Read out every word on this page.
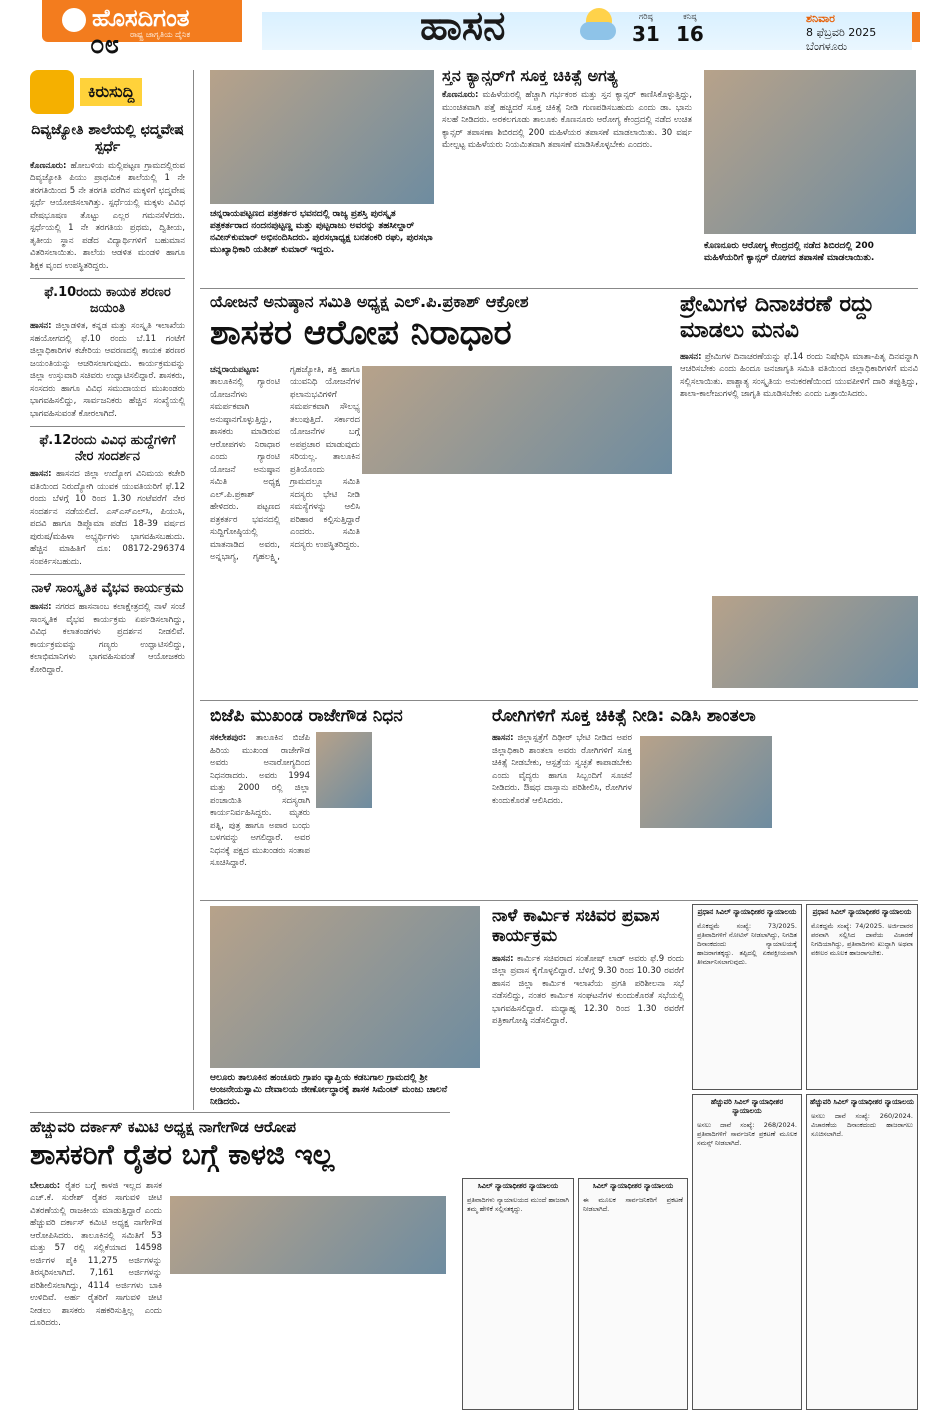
ಹೊಸದಿಗಂತ
ರಾಷ್ಟ್ರ ಜಾಗೃತಿಯ ದೈನಿಕ
೦೮	ಹಾಸನ	ಗರಿಷ್ಠ
31
ಕನಿಷ್ಠ
16
ಶನಿವಾರ
8 ಫೆಬ್ರವರಿ 2025
ಬೆಂಗಳೂರು
ಕಿರುಸುದ್ದಿ
ದಿವ್ಯಜ್ಯೋತಿ ಶಾಲೆಯಲ್ಲಿ ಛದ್ಮವೇಷ ಸ್ಪರ್ಧೆ
ಕೊಣನೂರು: ಹೋಬಳಿಯ ಮಲ್ಲಿಪಟ್ಟಣ ಗ್ರಾಮದಲ್ಲಿರುವ ದಿವ್ಯಜ್ಯೋತಿ ಪಿಯು ಪ್ರಾಥಮಿಕ ಶಾಲೆಯಲ್ಲಿ 1 ನೇ ತರಗತಿಯಿಂದ 5 ನೇ ತರಗತಿ ವರೆಗಿನ ಮಕ್ಕಳಿಗೆ ಛದ್ಮವೇಷ ಸ್ಪರ್ಧೆ ಆಯೋಜಿಸಲಾಗಿತ್ತು. ಸ್ಪರ್ಧೆಯಲ್ಲಿ ಮಕ್ಕಳು ವಿವಿಧ ವೇಷಭೂಷಣ ತೊಟ್ಟು ಎಲ್ಲರ ಗಮನಸೆಳೆದರು. ಸ್ಪರ್ಧೆಯಲ್ಲಿ 1 ನೇ ತರಗತಿಯ ಪ್ರಥಮ, ದ್ವಿತೀಯ, ತೃತೀಯ ಸ್ಥಾನ ಪಡೆದ ವಿದ್ಯಾರ್ಥಿಗಳಿಗೆ ಬಹುಮಾನ ವಿತರಿಸಲಾಯಿತು. ಶಾಲೆಯ ಆಡಳಿತ ಮಂಡಳಿ ಹಾಗೂ ಶಿಕ್ಷಕ ವೃಂದ ಉಪಸ್ಥಿತರಿದ್ದರು.
ಫೆ.10ರಂದು ಕಾಯಕ ಶರಣರ ಜಯಂತಿ
ಹಾಸನ: ಜಿಲ್ಲಾಡಳಿತ, ಕನ್ನಡ ಮತ್ತು ಸಂಸ್ಕೃತಿ ಇಲಾಖೆಯ ಸಹಯೋಗದಲ್ಲಿ ಫೆ.10 ರಂದು ಬೆ.11 ಗಂಟೆಗೆ ಜಿಲ್ಲಾಧಿಕಾರಿಗಳ ಕಚೇರಿಯ ಆವರಣದಲ್ಲಿ ಕಾಯಕ ಶರಣರ ಜಯಂತಿಯನ್ನು ಆಚರಿಸಲಾಗುವುದು. ಕಾರ್ಯಕ್ರಮವನ್ನು ಜಿಲ್ಲಾ ಉಸ್ತುವಾರಿ ಸಚಿವರು ಉದ್ಘಾಟಿಸಲಿದ್ದಾರೆ. ಶಾಸಕರು, ಸಂಸದರು ಹಾಗೂ ವಿವಿಧ ಸಮುದಾಯದ ಮುಖಂಡರು ಭಾಗವಹಿಸಲಿದ್ದು, ಸಾರ್ವಜನಿಕರು ಹೆಚ್ಚಿನ ಸಂಖ್ಯೆಯಲ್ಲಿ ಭಾಗವಹಿಸುವಂತೆ ಕೋರಲಾಗಿದೆ.
ಫೆ.12ರಂದು ವಿವಿಧ ಹುದ್ದೆಗಳಿಗೆ ನೇರ ಸಂದರ್ಶನ
ಹಾಸನ: ಹಾಸನದ ಜಿಲ್ಲಾ ಉದ್ಯೋಗ ವಿನಿಮಯ ಕಚೇರಿ ವತಿಯಿಂದ ನಿರುದ್ಯೋಗಿ ಯುವಕ ಯುವತಿಯರಿಗೆ ಫೆ.12 ರಂದು ಬೆಳಗ್ಗೆ 10 ರಿಂದ 1.30 ಗಂಟೆವರೆಗೆ ನೇರ ಸಂದರ್ಶನ ನಡೆಯಲಿದೆ. ಎಸ್‌ಎಸ್‌ಎಲ್‌ಸಿ, ಪಿಯುಸಿ, ಪದವಿ ಹಾಗೂ ಡಿಪ್ಲೊಮಾ ಪಡೆದ 18-39 ವರ್ಷದ ಪುರುಷ/ಮಹಿಳಾ ಅಭ್ಯರ್ಥಿಗಳು ಭಾಗವಹಿಸಬಹುದು. ಹೆಚ್ಚಿನ ಮಾಹಿತಿಗೆ ದೂ: 08172-296374 ಸಂಪರ್ಕಿಸಬಹುದು.
ನಾಳೆ ಸಾಂಸ್ಕೃತಿಕ ವೈಭವ ಕಾರ್ಯಕ್ರಮ
ಹಾಸನ: ನಗರದ ಹಾಸನಾಂಬ ಕಲಾಕ್ಷೇತ್ರದಲ್ಲಿ ನಾಳೆ ಸಂಜೆ ಸಾಂಸ್ಕೃತಿಕ ವೈಭವ ಕಾರ್ಯಕ್ರಮ ಏರ್ಪಡಿಸಲಾಗಿದ್ದು, ವಿವಿಧ ಕಲಾತಂಡಗಳು ಪ್ರದರ್ಶನ ನೀಡಲಿವೆ. ಕಾರ್ಯಕ್ರಮವನ್ನು ಗಣ್ಯರು ಉದ್ಘಾಟಿಸಲಿದ್ದು, ಕಲಾಭಿಮಾನಿಗಳು ಭಾಗವಹಿಸುವಂತೆ ಆಯೋಜಕರು ಕೋರಿದ್ದಾರೆ.
ಚನ್ನರಾಯಪಟ್ಟಣದ ಪತ್ರಕರ್ತರ ಭವನದಲ್ಲಿ ರಾಜ್ಯ ಪ್ರಶಸ್ತಿ ಪುರಸ್ಕೃತ ಪತ್ರಕರ್ತರಾದ ನಂದನಪುಟ್ಟಣ್ಣ ಮತ್ತು ಪುಟ್ಟರಾಜು ಅವರನ್ನು ತಹಸೀಲ್ದಾರ್ ನವೀನ್‌ಕುಮಾರ್ ಅಭಿನಂದಿಸಿದರು. ಪುರಸಭಾಧ್ಯಕ್ಷ ಬನಶಂಕರಿ ರಘು, ಪುರಸಭಾ ಮುಖ್ಯಾಧಿಕಾರಿ ಯತೀಶ್ ಕುಮಾರ್ ಇದ್ದರು.
ಸ್ತನ ಕ್ಯಾನ್ಸರ್‌ಗೆ ಸೂಕ್ತ ಚಿಕಿತ್ಸೆ ಅಗತ್ಯ
ಕೊಣನೂರು: ಮಹಿಳೆಯರಲ್ಲಿ ಹೆಚ್ಚಾಗಿ ಗರ್ಭಕಂಠ ಮತ್ತು ಸ್ತನ ಕ್ಯಾನ್ಸರ್ ಕಾಣಿಸಿಕೊಳ್ಳುತ್ತಿದ್ದು, ಮುಂಚಿತವಾಗಿ ಪತ್ತೆ ಹಚ್ಚಿದರೆ ಸೂಕ್ತ ಚಿಕಿತ್ಸೆ ನೀಡಿ ಗುಣಪಡಿಸಬಹುದು ಎಂದು ಡಾ. ಭಾನು ಸಲಹೆ ನೀಡಿದರು. ಅರಕಲಗೂಡು ತಾಲೂಕು ಕೊಣನೂರು ಆರೋಗ್ಯ ಕೇಂದ್ರದಲ್ಲಿ ನಡೆದ ಉಚಿತ ಕ್ಯಾನ್ಸರ್ ತಪಾಸಣಾ ಶಿಬಿರದಲ್ಲಿ 200 ಮಹಿಳೆಯರ ತಪಾಸಣೆ ಮಾಡಲಾಯಿತು. 30 ವರ್ಷ ಮೇಲ್ಪಟ್ಟ ಮಹಿಳೆಯರು ನಿಯಮಿತವಾಗಿ ತಪಾಸಣೆ ಮಾಡಿಸಿಕೊಳ್ಳಬೇಕು ಎಂದರು.
ಕೊಣನೂರು ಆರೋಗ್ಯ ಕೇಂದ್ರದಲ್ಲಿ ನಡೆದ ಶಿಬಿರದಲ್ಲಿ 200 ಮಹಿಳೆಯರಿಗೆ ಕ್ಯಾನ್ಸರ್ ರೋಗದ ತಪಾಸಣೆ ಮಾಡಲಾಯಿತು.
ಯೋಜನೆ ಅನುಷ್ಠಾನ ಸಮಿತಿ ಅಧ್ಯಕ್ಷ ಎಲ್.ಪಿ.ಪ್ರಕಾಶ್ ಆಕ್ರೋಶ
ಶಾಸಕರ ಆರೋಪ ನಿರಾಧಾರ
ಚನ್ನರಾಯಪಟ್ಟಣ: ತಾಲೂಕಿನಲ್ಲಿ ಗ್ಯಾರಂಟಿ ಯೋಜನೆಗಳು ಸಮರ್ಪಕವಾಗಿ ಅನುಷ್ಠಾನಗೊಳ್ಳುತ್ತಿದ್ದು, ಶಾಸಕರು ಮಾಡಿರುವ ಆರೋಪಗಳು ನಿರಾಧಾರ ಎಂದು ಗ್ಯಾರಂಟಿ ಯೋಜನೆ ಅನುಷ್ಠಾನ ಸಮಿತಿ ಅಧ್ಯಕ್ಷ ಎಲ್.ಪಿ.ಪ್ರಕಾಶ್ ಹೇಳಿದರು. ಪಟ್ಟಣದ ಪತ್ರಕರ್ತರ ಭವನದಲ್ಲಿ ಸುದ್ದಿಗೋಷ್ಠಿಯಲ್ಲಿ ಮಾತನಾಡಿದ ಅವರು, ಅನ್ನಭಾಗ್ಯ, ಗೃಹಲಕ್ಷ್ಮಿ, ಗೃಹಜ್ಯೋತಿ, ಶಕ್ತಿ ಹಾಗೂ ಯುವನಿಧಿ ಯೋಜನೆಗಳ ಫಲಾನುಭವಿಗಳಿಗೆ ಸಮರ್ಪಕವಾಗಿ ಸೌಲಭ್ಯ ತಲುಪುತ್ತಿದೆ. ಸರ್ಕಾರದ ಯೋಜನೆಗಳ ಬಗ್ಗೆ ಅಪಪ್ರಚಾರ ಮಾಡುವುದು ಸರಿಯಲ್ಲ. ತಾಲೂಕಿನ ಪ್ರತಿಯೊಂದು ಗ್ರಾಮದಲ್ಲೂ ಸಮಿತಿ ಸದಸ್ಯರು ಭೇಟಿ ನೀಡಿ ಸಮಸ್ಯೆಗಳನ್ನು ಆಲಿಸಿ ಪರಿಹಾರ ಕಲ್ಪಿಸುತ್ತಿದ್ದಾರೆ ಎಂದರು. ಸಮಿತಿ ಸದಸ್ಯರು ಉಪಸ್ಥಿತರಿದ್ದರು.
ಪ್ರೇಮಿಗಳ ದಿನಾಚರಣೆ ರದ್ದು ಮಾಡಲು ಮನವಿ
ಹಾಸನ: ಪ್ರೇಮಿಗಳ ದಿನಾಚರಣೆಯನ್ನು ಫೆ.14 ರಂದು ನಿಷೇಧಿಸಿ ಮಾತಾ-ಪಿತೃ ದಿನವನ್ನಾಗಿ ಆಚರಿಸಬೇಕು ಎಂದು ಹಿಂದೂ ಜನಜಾಗೃತಿ ಸಮಿತಿ ವತಿಯಿಂದ ಜಿಲ್ಲಾಧಿಕಾರಿಗಳಿಗೆ ಮನವಿ ಸಲ್ಲಿಸಲಾಯಿತು. ಪಾಶ್ಚಾತ್ಯ ಸಂಸ್ಕೃತಿಯ ಅನುಕರಣೆಯಿಂದ ಯುವಪೀಳಿಗೆ ದಾರಿ ತಪ್ಪುತ್ತಿದ್ದು, ಶಾಲಾ-ಕಾಲೇಜುಗಳಲ್ಲಿ ಜಾಗೃತಿ ಮೂಡಿಸಬೇಕು ಎಂದು ಒತ್ತಾಯಿಸಿದರು.
ಬಿಜೆಪಿ ಮುಖಂಡ ರಾಜೇಗೌಡ ನಿಧನ
ಸಕಲೇಶಪುರ: ತಾಲೂಕಿನ ಬಿಜೆಪಿ ಹಿರಿಯ ಮುಖಂಡ ರಾಜೇಗೌಡ ಅವರು ಅನಾರೋಗ್ಯದಿಂದ ನಿಧನರಾದರು. ಅವರು 1994 ಮತ್ತು 2000 ರಲ್ಲಿ ಜಿಲ್ಲಾ ಪಂಚಾಯಿತಿ ಸದಸ್ಯರಾಗಿ ಕಾರ್ಯನಿರ್ವಹಿಸಿದ್ದರು. ಮೃತರು ಪತ್ನಿ, ಪುತ್ರ ಹಾಗೂ ಅಪಾರ ಬಂಧು ಬಳಗವನ್ನು ಅಗಲಿದ್ದಾರೆ. ಅವರ ನಿಧನಕ್ಕೆ ಪಕ್ಷದ ಮುಖಂಡರು ಸಂತಾಪ ಸೂಚಿಸಿದ್ದಾರೆ.
ರೋಗಿಗಳಿಗೆ ಸೂಕ್ತ ಚಿಕಿತ್ಸೆ ನೀಡಿ: ಎಡಿಸಿ ಶಾಂತಲಾ
ಹಾಸನ: ಜಿಲ್ಲಾಸ್ಪತ್ರೆಗೆ ದಿಢೀರ್ ಭೇಟಿ ನೀಡಿದ ಅಪರ ಜಿಲ್ಲಾಧಿಕಾರಿ ಶಾಂತಲಾ ಅವರು ರೋಗಿಗಳಿಗೆ ಸೂಕ್ತ ಚಿಕಿತ್ಸೆ ನೀಡಬೇಕು, ಆಸ್ಪತ್ರೆಯ ಸ್ವಚ್ಛತೆ ಕಾಪಾಡಬೇಕು ಎಂದು ವೈದ್ಯರು ಹಾಗೂ ಸಿಬ್ಬಂದಿಗೆ ಸೂಚನೆ ನೀಡಿದರು. ಔಷಧ ದಾಸ್ತಾನು ಪರಿಶೀಲಿಸಿ, ರೋಗಿಗಳ ಕುಂದುಕೊರತೆ ಆಲಿಸಿದರು.
ಆಲೂರು ತಾಲೂಕಿನ ಹಂಚೂರು ಗ್ರಾಪಂ ವ್ಯಾಪ್ತಿಯ ಕಡಬಗಾಲ ಗ್ರಾಮದಲ್ಲಿ ಶ್ರೀ ಆಂಜನೇಯಸ್ವಾಮಿ ದೇವಾಲಯ ಜೀರ್ಣೋದ್ಧಾರಕ್ಕೆ ಶಾಸಕ ಸಿಮೆಂಟ್ ಮಂಜು ಚಾಲನೆ ನೀಡಿದರು.
ನಾಳೆ ಕಾರ್ಮಿಕ ಸಚಿವರ ಪ್ರವಾಸ ಕಾರ್ಯಕ್ರಮ
ಹಾಸನ: ಕಾರ್ಮಿಕ ಸಚಿವರಾದ ಸಂತೋಷ್ ಲಾಡ್ ಅವರು ಫೆ.9 ರಂದು ಜಿಲ್ಲಾ ಪ್ರವಾಸ ಕೈಗೊಳ್ಳಲಿದ್ದಾರೆ. ಬೆಳಿಗ್ಗೆ 9.30 ರಿಂದ 10.30 ರವರೆಗೆ ಹಾಸನ ಜಿಲ್ಲಾ ಕಾರ್ಮಿಕ ಇಲಾಖೆಯ ಪ್ರಗತಿ ಪರಿಶೀಲನಾ ಸಭೆ ನಡೆಸಲಿದ್ದು, ನಂತರ ಕಾರ್ಮಿಕ ಸಂಘಟನೆಗಳ ಕುಂದುಕೊರತೆ ಸಭೆಯಲ್ಲಿ ಭಾಗವಹಿಸಲಿದ್ದಾರೆ. ಮಧ್ಯಾಹ್ನ 12.30 ರಿಂದ 1.30 ರವರೆಗೆ ಪತ್ರಿಕಾಗೋಷ್ಠಿ ನಡೆಸಲಿದ್ದಾರೆ.
ಪ್ರಧಾನ ಸಿವಿಲ್ ನ್ಯಾಯಾಧೀಶರ ನ್ಯಾಯಾಲಯ
ಮೊಕದ್ದಮೆ ಸಂಖ್ಯೆ: 73/2025. ಪ್ರತಿವಾದಿಗಳಿಗೆ ನೋಟಿಸ್ ನೀಡಲಾಗಿದ್ದು, ನಿಗದಿತ ದಿನಾಂಕದಂದು ನ್ಯಾಯಾಲಯಕ್ಕೆ ಹಾಜರಾಗತಕ್ಕದ್ದು. ತಪ್ಪಿದಲ್ಲಿ ಏಕಪಕ್ಷೀಯವಾಗಿ ತೀರ್ಮಾನಿಸಲಾಗುವುದು.
ಪ್ರಧಾನ ಸಿವಿಲ್ ನ್ಯಾಯಾಧೀಶರ ನ್ಯಾಯಾಲಯ
ಮೊಕದ್ದಮೆ ಸಂಖ್ಯೆ: 74/2025. ಅರ್ಜಿದಾರರ ಪರವಾಗಿ ಸಲ್ಲಿಸಿದ ದಾವೆಯ ವಿಚಾರಣೆ ನಿಗದಿಯಾಗಿದ್ದು, ಪ್ರತಿವಾದಿಗಳು ಖುದ್ದಾಗಿ ಅಥವಾ ವಕೀಲರ ಮೂಲಕ ಹಾಜರಾಗಬೇಕು.
ಹೆಚ್ಚುವರಿ ಸಿವಿಲ್ ನ್ಯಾಯಾಧೀಶರ ನ್ಯಾಯಾಲಯ
ಅಸಲು ದಾವೆ ಸಂಖ್ಯೆ: 268/2024. ಪ್ರತಿವಾದಿಗಳಿಗೆ ಸಾರ್ವಜನಿಕ ಪ್ರಕಟಣೆ ಮೂಲಕ ಸಮನ್ಸ್ ನೀಡಲಾಗಿದೆ.
ಹೆಚ್ಚುವರಿ ಸಿವಿಲ್ ನ್ಯಾಯಾಧೀಶರ ನ್ಯಾಯಾಲಯ
ಅಸಲು ದಾವೆ ಸಂಖ್ಯೆ: 260/2024. ವಿಚಾರಣೆಯ ದಿನಾಂಕದಂದು ಹಾಜರಾಗಲು ಸೂಚಿಸಲಾಗಿದೆ.
ಸಿವಿಲ್ ನ್ಯಾಯಾಧೀಶರ ನ್ಯಾಯಾಲಯ
ಪ್ರತಿವಾದಿಗಳು ನ್ಯಾಯಾಲಯದ ಮುಂದೆ ಹಾಜರಾಗಿ ತಮ್ಮ ಹೇಳಿಕೆ ಸಲ್ಲಿಸತಕ್ಕದ್ದು.
ಸಿವಿಲ್ ನ್ಯಾಯಾಧೀಶರ ನ್ಯಾಯಾಲಯ
ಈ ಮೂಲಕ ಸಾರ್ವಜನಿಕರಿಗೆ ಪ್ರಕಟಣೆ ನೀಡಲಾಗಿದೆ.
ಹೆಚ್ಚುವರಿ ದರ್ಕಾಸ್ ಕಮಿಟಿ ಅಧ್ಯಕ್ಷ ನಾಗೇಗೌಡ ಆರೋಪ
ಶಾಸಕರಿಗೆ ರೈತರ ಬಗ್ಗೆ ಕಾಳಜಿ ಇಲ್ಲ
ಬೇಲೂರು: ರೈತರ ಬಗ್ಗೆ ಕಾಳಜಿ ಇಲ್ಲದ ಶಾಸಕ ಎಚ್.ಕೆ. ಸುರೇಶ್ ರೈತರ ಸಾಗುವಳಿ ಚೀಟಿ ವಿತರಣೆಯಲ್ಲಿ ರಾಜಕೀಯ ಮಾಡುತ್ತಿದ್ದಾರೆ ಎಂದು ಹೆಚ್ಚುವರಿ ದರ್ಕಾಸ್ ಕಮಿಟಿ ಅಧ್ಯಕ್ಷ ನಾಗೇಗೌಡ ಆರೋಪಿಸಿದರು. ತಾಲೂಕಿನಲ್ಲಿ ಸಮಿತಿಗೆ 53 ಮತ್ತು 57 ರಲ್ಲಿ ಸಲ್ಲಿಕೆಯಾದ 14598 ಅರ್ಜಿಗಳ ಪೈಕಿ 11,275 ಅರ್ಜಿಗಳನ್ನು ತಿರಸ್ಕರಿಸಲಾಗಿದೆ. 7,161 ಅರ್ಜಿಗಳನ್ನು ಪರಿಶೀಲಿಸಲಾಗಿದ್ದು, 4114 ಅರ್ಜಿಗಳು ಬಾಕಿ ಉಳಿದಿವೆ. ಅರ್ಹ ರೈತರಿಗೆ ಸಾಗುವಳಿ ಚೀಟಿ ನೀಡಲು ಶಾಸಕರು ಸಹಕರಿಸುತ್ತಿಲ್ಲ ಎಂದು ದೂರಿದರು.
